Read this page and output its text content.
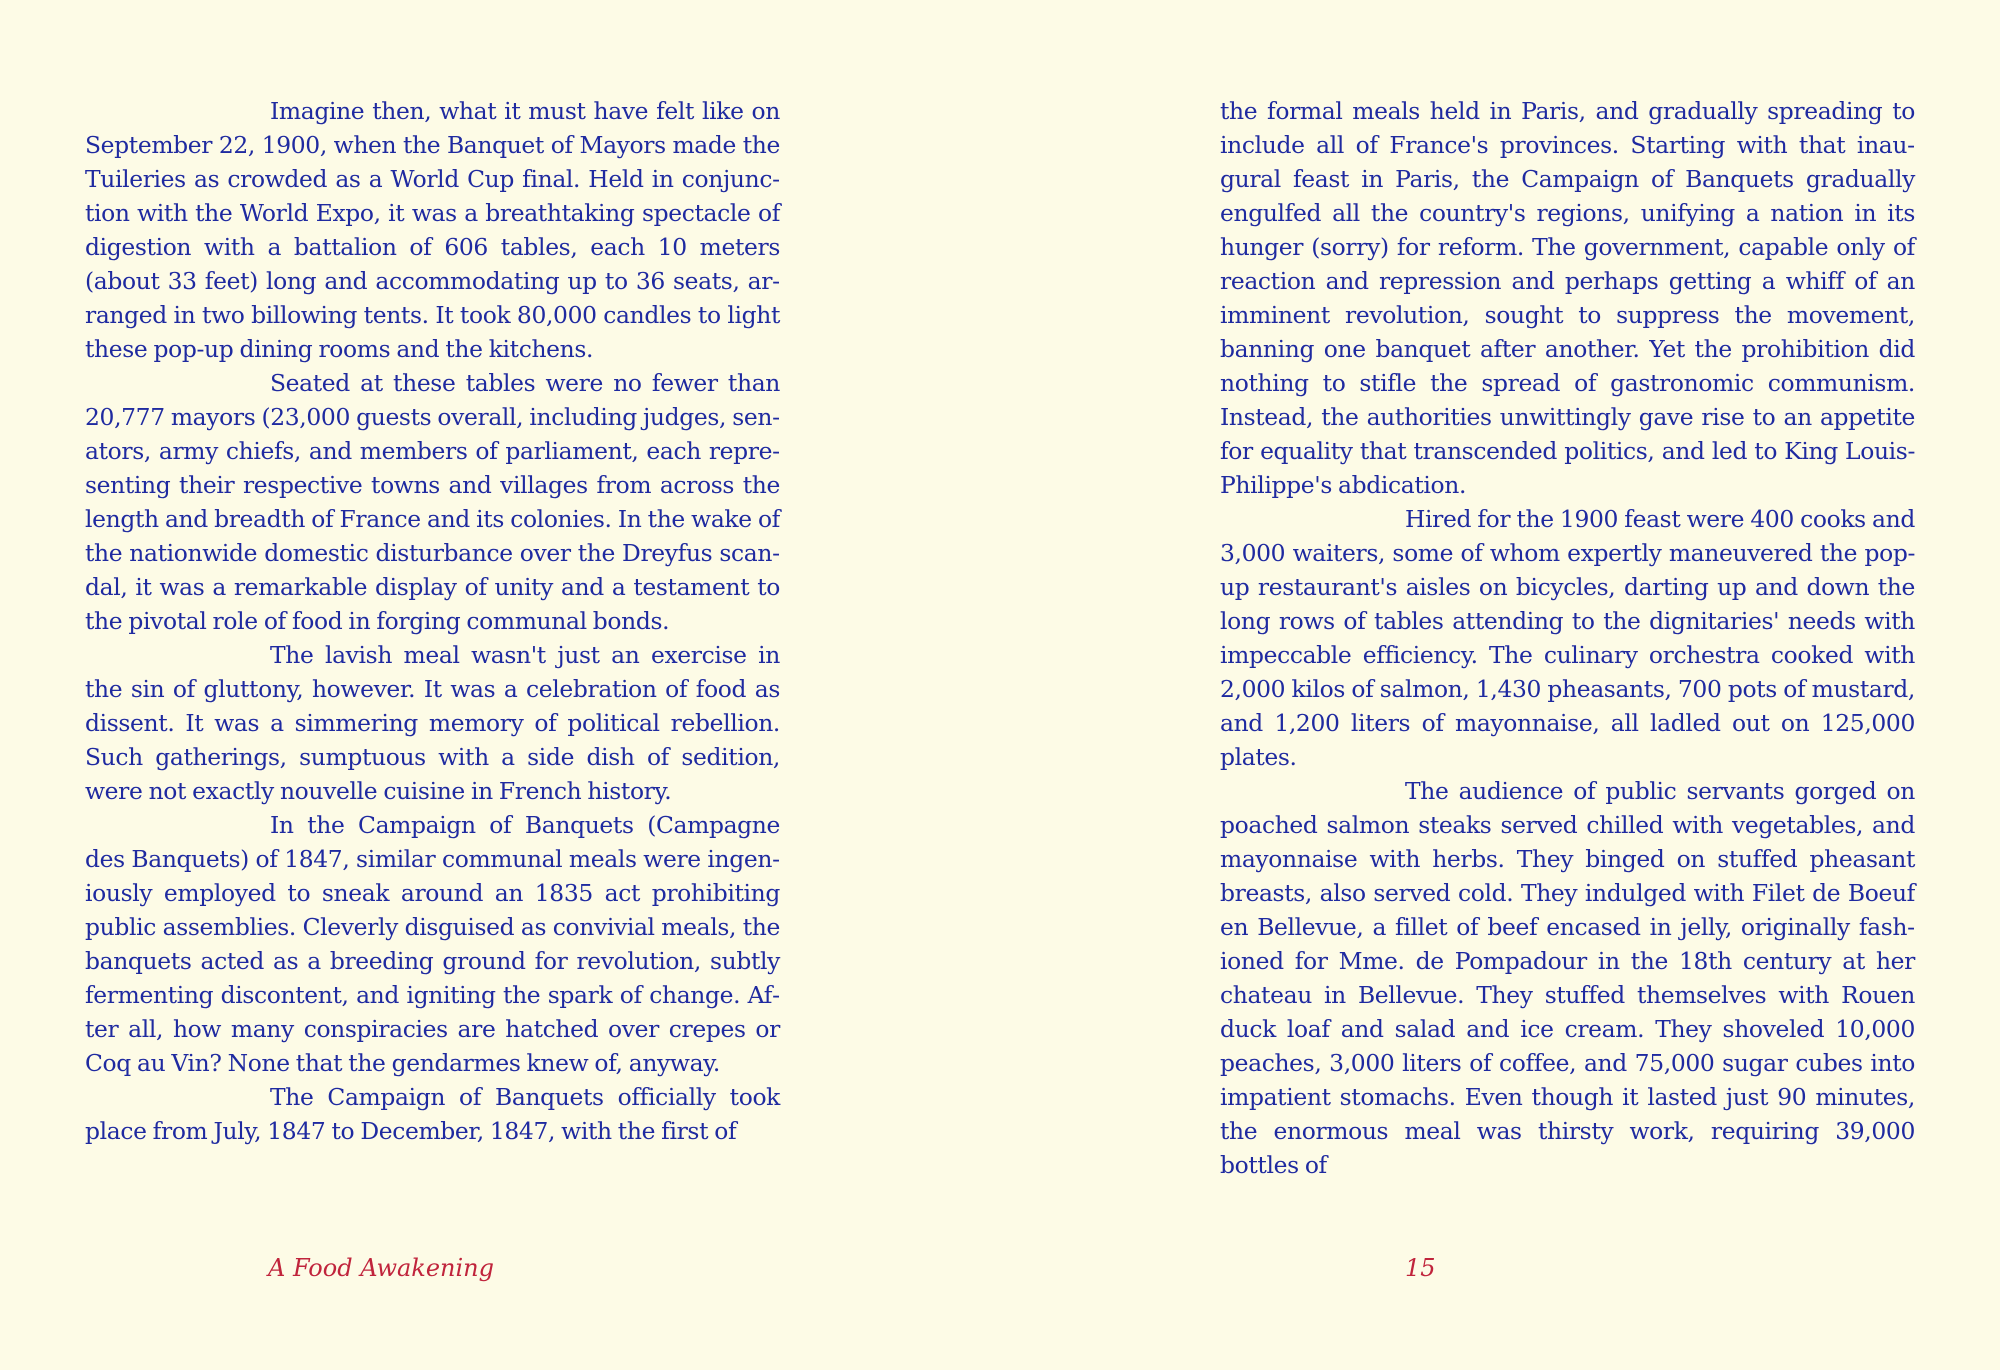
Imagine then, what it must have felt like on September 22, 1900, when the Banquet of Mayors made the Tuileries as crowded as a World Cup final. Held in conjunction with the World Expo, it was a breathtaking spectacle of digestion with a battalion of 606 tables, each 10 meters (about 33 feet) long and accommodating up to 36 seats, arranged in two billowing tents. It took 80,000 candles to light these pop-up dining rooms and the kitchens.

Seated at these tables were no fewer than 20,777 mayors (23,000 guests overall, including judges, senators, army chiefs, and members of parliament, each representing their respective towns and villages from across the length and breadth of France and its colonies. In the wake of the nationwide domestic disturbance over the Dreyfus scandal, it was a remarkable display of unity and a testament to the pivotal role of food in forging communal bonds.

The lavish meal wasn't just an exercise in the sin of gluttony, however. It was a celebration of food as dissent. It was a simmering memory of political rebellion. Such gatherings, sumptuous with a side dish of sedition, were not exactly nouvelle cuisine in French history.

In the Campaign of Banquets (Campagne des Banquets) of 1847, similar communal meals were ingeniously employed to sneak around an 1835 act prohibiting public assemblies. Cleverly disguised as convivial meals, the banquets acted as a breeding ground for revolution, subtly fermenting discontent, and igniting the spark of change. After all, how many conspiracies are hatched over crepes or Coq au Vin? None that the gendarmes knew of, anyway.

The Campaign of Banquets officially took place from July, 1847 to December, 1847, with the first of

the formal meals held in Paris, and gradually spreading to include all of France's provinces. Starting with that inaugural feast in Paris, the Campaign of Banquets gradually engulfed all the country's regions, unifying a nation in its hunger (sorry) for reform. The government, capable only of reaction and repression and perhaps getting a whiff of an imminent revolution, sought to suppress the movement, banning one banquet after another. Yet the prohibition did nothing to stifle the spread of gastronomic communism. Instead, the authorities unwittingly gave rise to an appetite for equality that transcended politics, and led to King Louis-Philippe's abdication.

Hired for the 1900 feast were 400 cooks and 3,000 waiters, some of whom expertly maneuvered the pop-up restaurant's aisles on bicycles, darting up and down the long rows of tables attending to the dignitaries' needs with impeccable efficiency. The culinary orchestra cooked with 2,000 kilos of salmon, 1,430 pheasants, 700 pots of mustard, and 1,200 liters of mayonnaise, all ladled out on 125,000 plates.

The audience of public servants gorged on poached salmon steaks served chilled with vegetables, and mayonnaise with herbs. They binged on stuffed pheasant breasts, also served cold. They indulged with Filet de Boeuf en Bellevue, a fillet of beef encased in jelly, originally fashioned for Mme. de Pompadour in the 18th century at her chateau in Bellevue. They stuffed themselves with Rouen duck loaf and salad and ice cream. They shoveled 10,000 peaches, 3,000 liters of coffee, and 75,000 sugar cubes into impatient stomachs. Even though it lasted just 90 minutes, the enormous meal was thirsty work, requiring 39,000 bottles of

A Food Awakening	15
